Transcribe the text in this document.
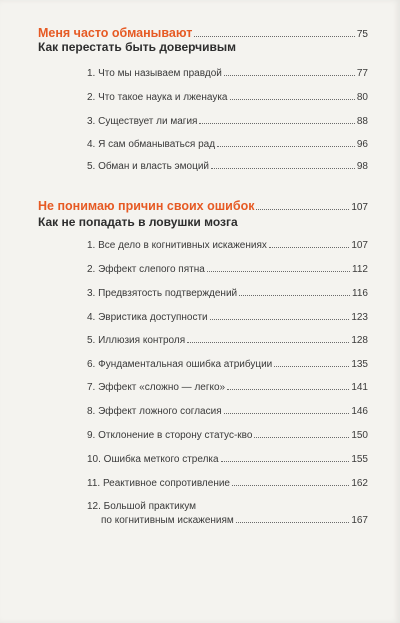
Меня часто обманывают	75
Как перестать быть доверчивым
1. Что мы называем правдой	77
2. Что такое наука и лженаука	80
3. Существует ли магия	88
4. Я сам обманываться рад	96
5. Обман и власть эмоций	98
Не понимаю причин своих ошибок	107
Как не попадать в ловушки мозга
1. Все дело в когнитивных искажениях	107
2. Эффект слепого пятна	112
3. Предвзятость подтверждений	116
4. Эвристика доступности	123
5. Иллюзия контроля	128
6. Фундаментальная ошибка атрибуции	135
7. Эффект «сложно — легко»	141
8. Эффект ложного согласия	146
9. Отклонение в сторону статус-кво	150
10. Ошибка меткого стрелка	155
11. Реактивное сопротивление	162
12. Большой практикум
по когнитивным искажениям	167
